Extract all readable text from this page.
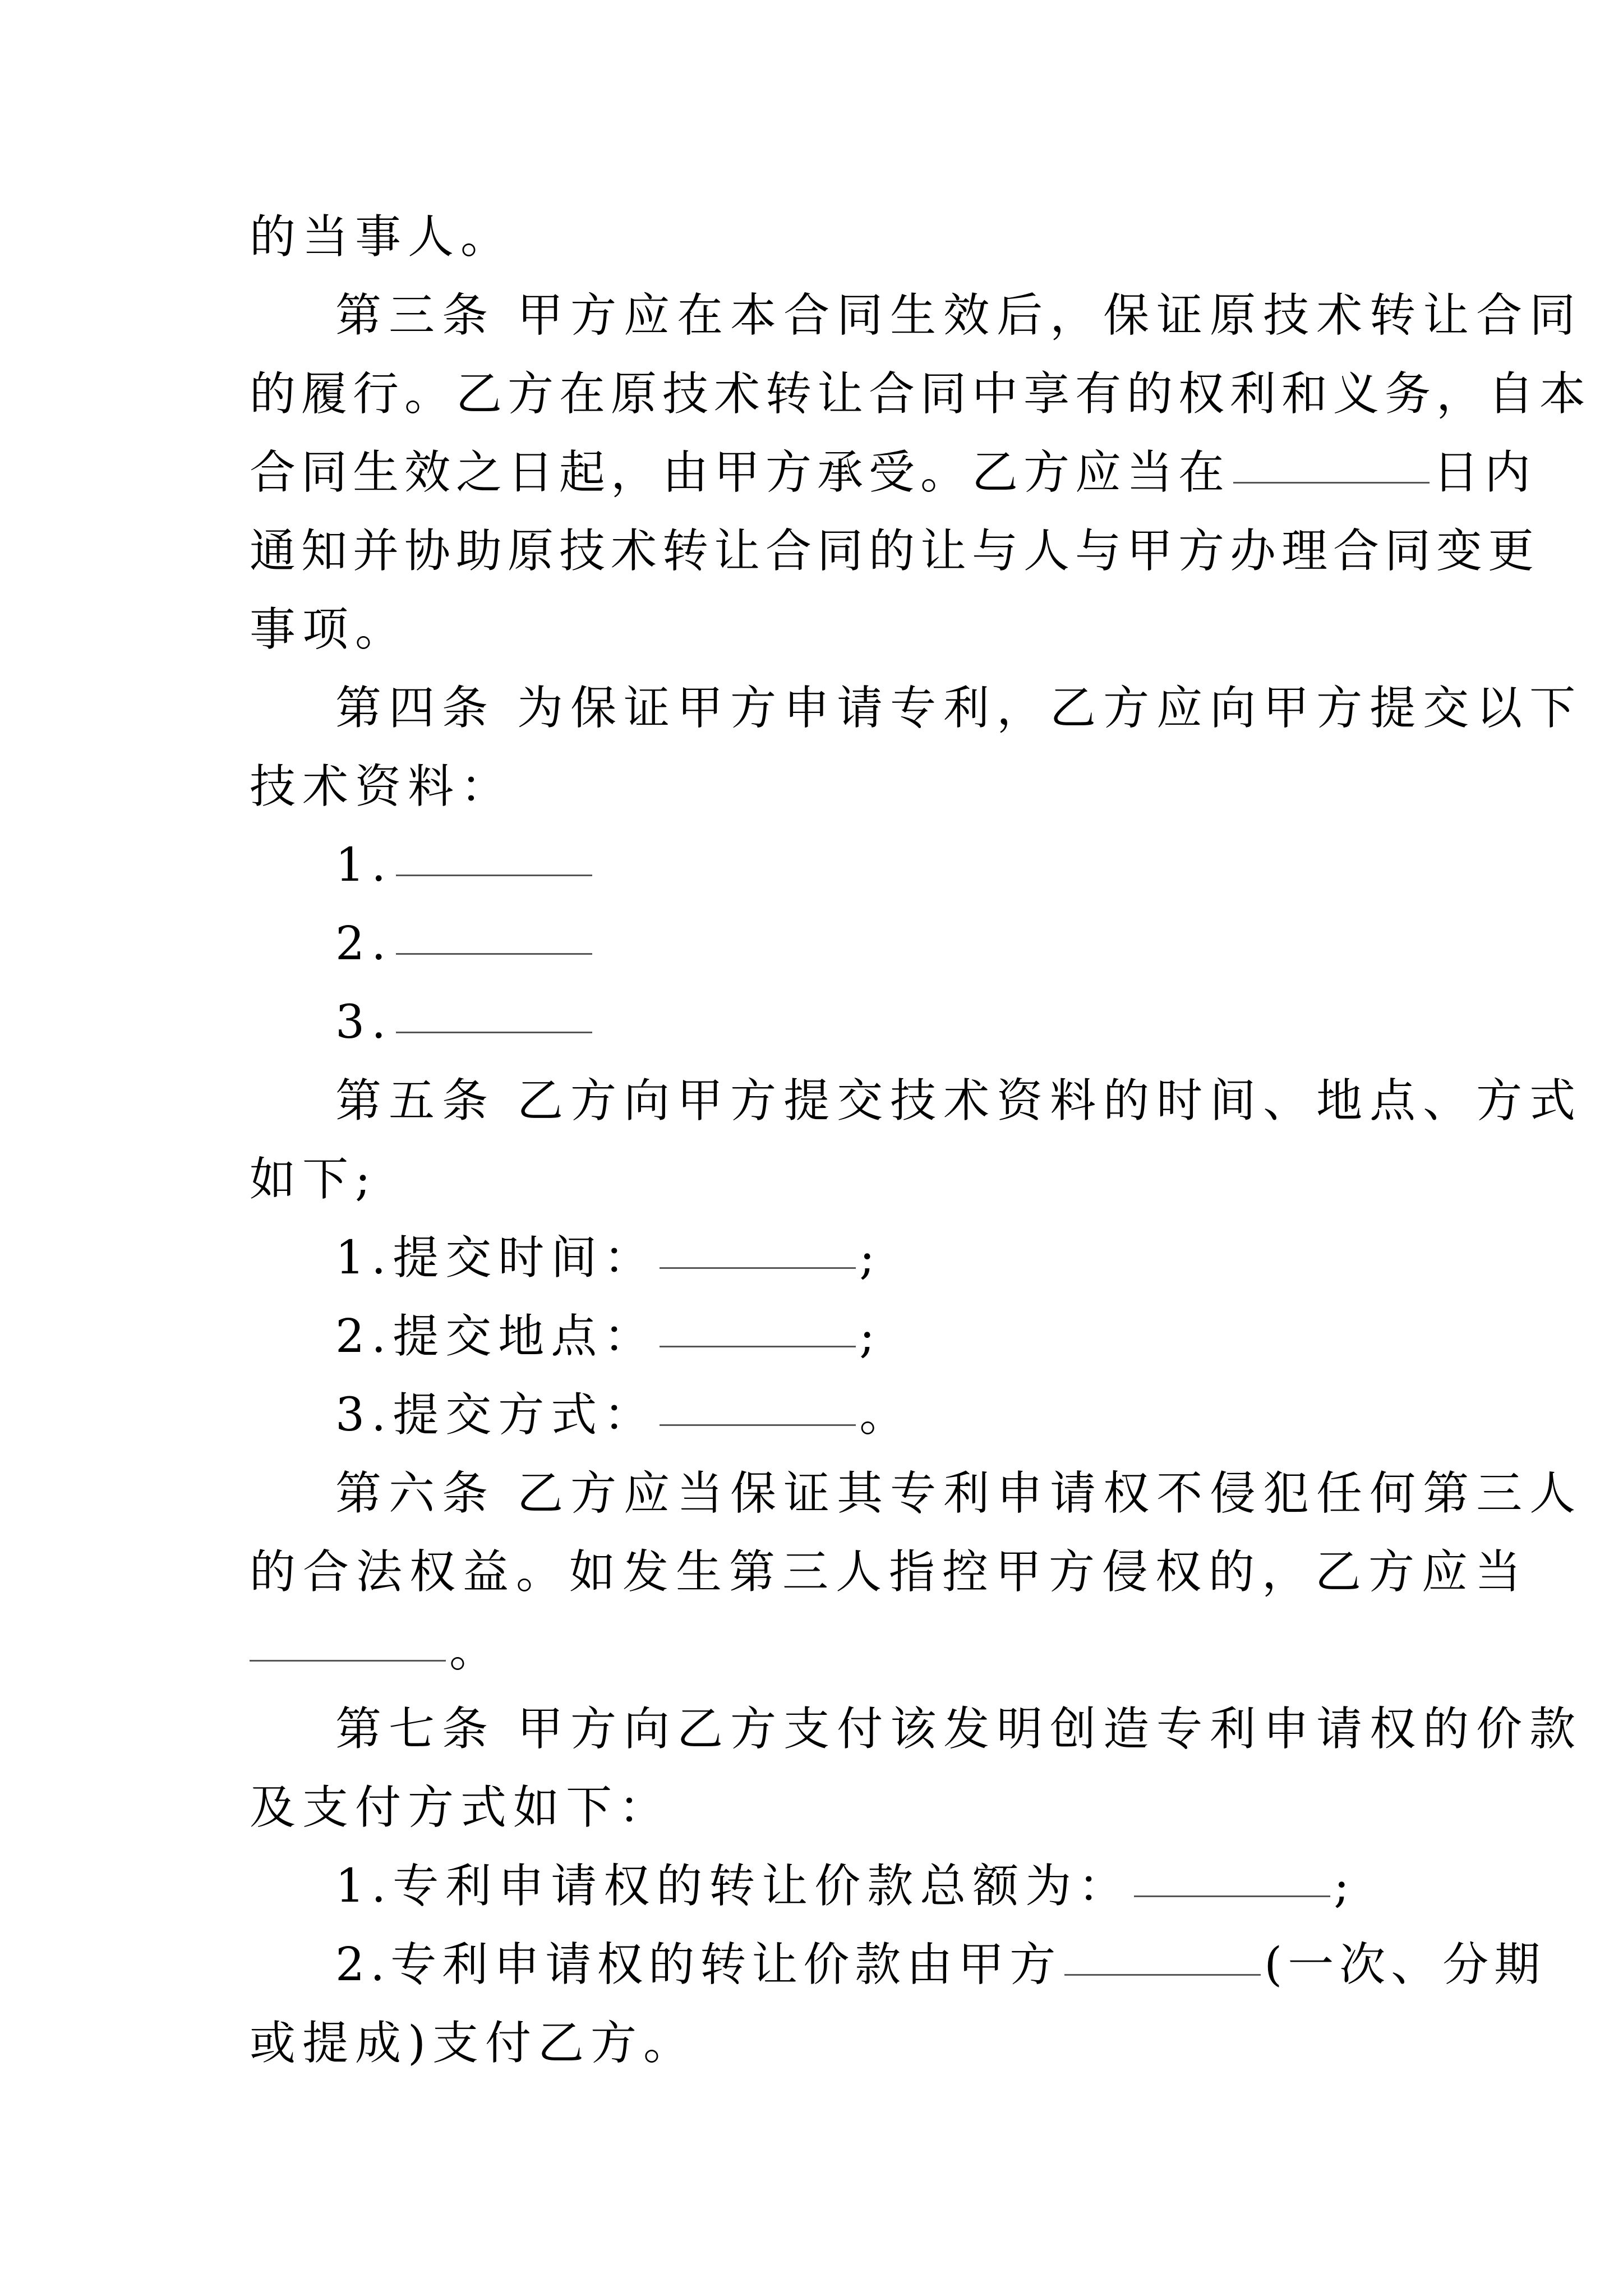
的当事人。
第三条 甲方应在本合同生效后，保证原技术转让合同
的履行。乙方在原技术转让合同中享有的权利和义务，自本
合同生效之日起，由甲方承受。乙方应当在	日内
通知并协助原技术转让合同的让与人与甲方办理合同变更
事项。
第四条 为保证甲方申请专利，乙方应向甲方提交以下
技术资料：
1.
2.
3.
第五条 乙方向甲方提交技术资料的时间、地点、方式
如下;
1.提交时间：	;
2.提交地点：	;
3.提交方式：	。
第六条 乙方应当保证其专利申请权不侵犯任何第三人
的合法权益。如发生第三人指控甲方侵权的，乙方应当
。
第七条 甲方向乙方支付该发明创造专利申请权的价款
及支付方式如下：
1.专利申请权的转让价款总额为：	;
2.专利申请权的转让价款由甲方	(一次、分期
或提成)支付乙方。
